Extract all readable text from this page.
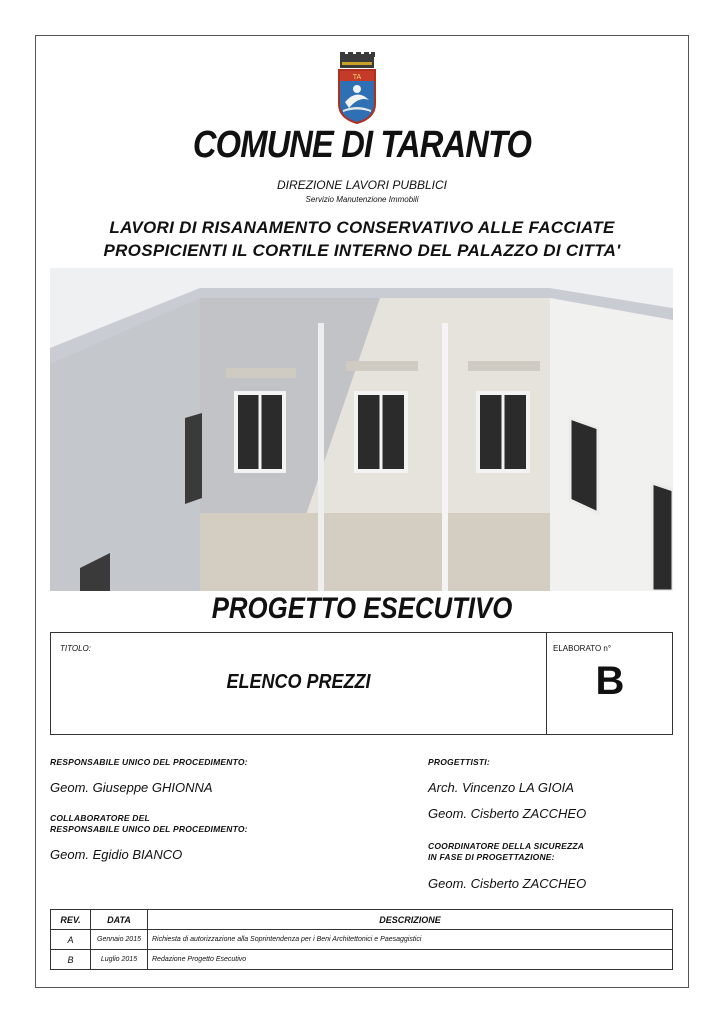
TA
COMUNE DI TARANTO
DIREZIONE LAVORI PUBBLICI
Servizio Manutenzione Immobili
LAVORI DI RISANAMENTO CONSERVATIVO ALLE FACCIATE
PROSPICIENTI IL CORTILE INTERNO DEL PALAZZO DI CITTA'
PROGETTO ESECUTIVO
TITOLO:
ELENCO PREZZI
ELABORATO n°
B
RESPONSABILE UNICO DEL PROCEDIMENTO:
Geom. Giuseppe GHIONNA
COLLABORATORE DEL
RESPONSABILE UNICO DEL PROCEDIMENTO:
Geom. Egidio BIANCO
PROGETTISTI:
Arch. Vincenzo LA GIOIA
Geom. Cisberto ZACCHEO
COORDINATORE DELLA SICUREZZA
IN FASE DI PROGETTAZIONE:
Geom. Cisberto ZACCHEO
REV.	DATA	DESCRIZIONE
A	Gennaio 2015	Richiesta di autorizzazione alla Soprintendenza per i Beni Architettonici e Paesaggistici
B	Luglio 2015	Redazione Progetto Esecutivo
